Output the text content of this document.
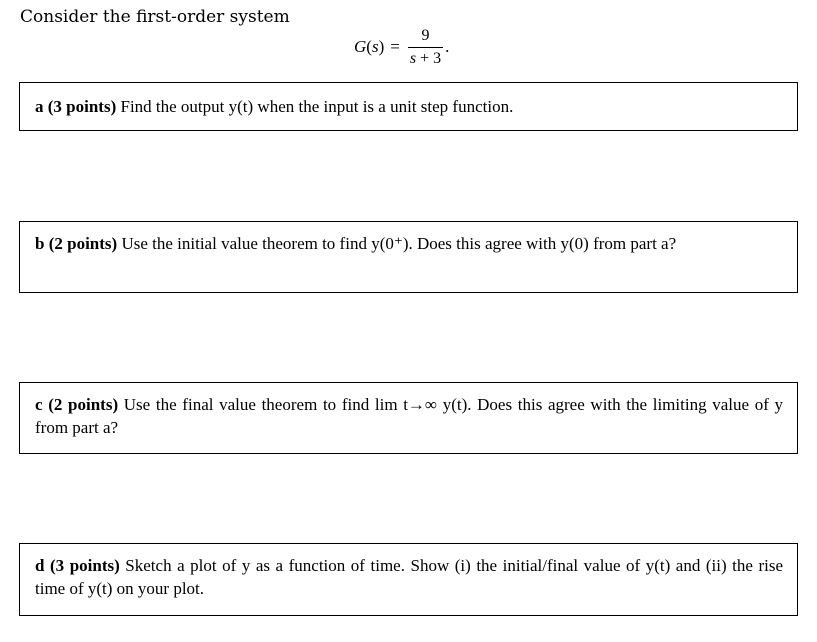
Consider the first-order system
$G(s) = \frac{9}{s + 3}$ .
a (3 points) Find the output y(t) when the input is a unit step function.
b (2 points) Use the initial value theorem to find y(0⁺). Does this agree with y(0) from part a?
c (2 points) Use the final value theorem to find lim t→∞ y(t). Does this agree with the limiting value of y from part a?
d (3 points) Sketch a plot of y as a function of time. Show (i) the initial/final value of y(t) and (ii) the rise time of y(t) on your plot.
